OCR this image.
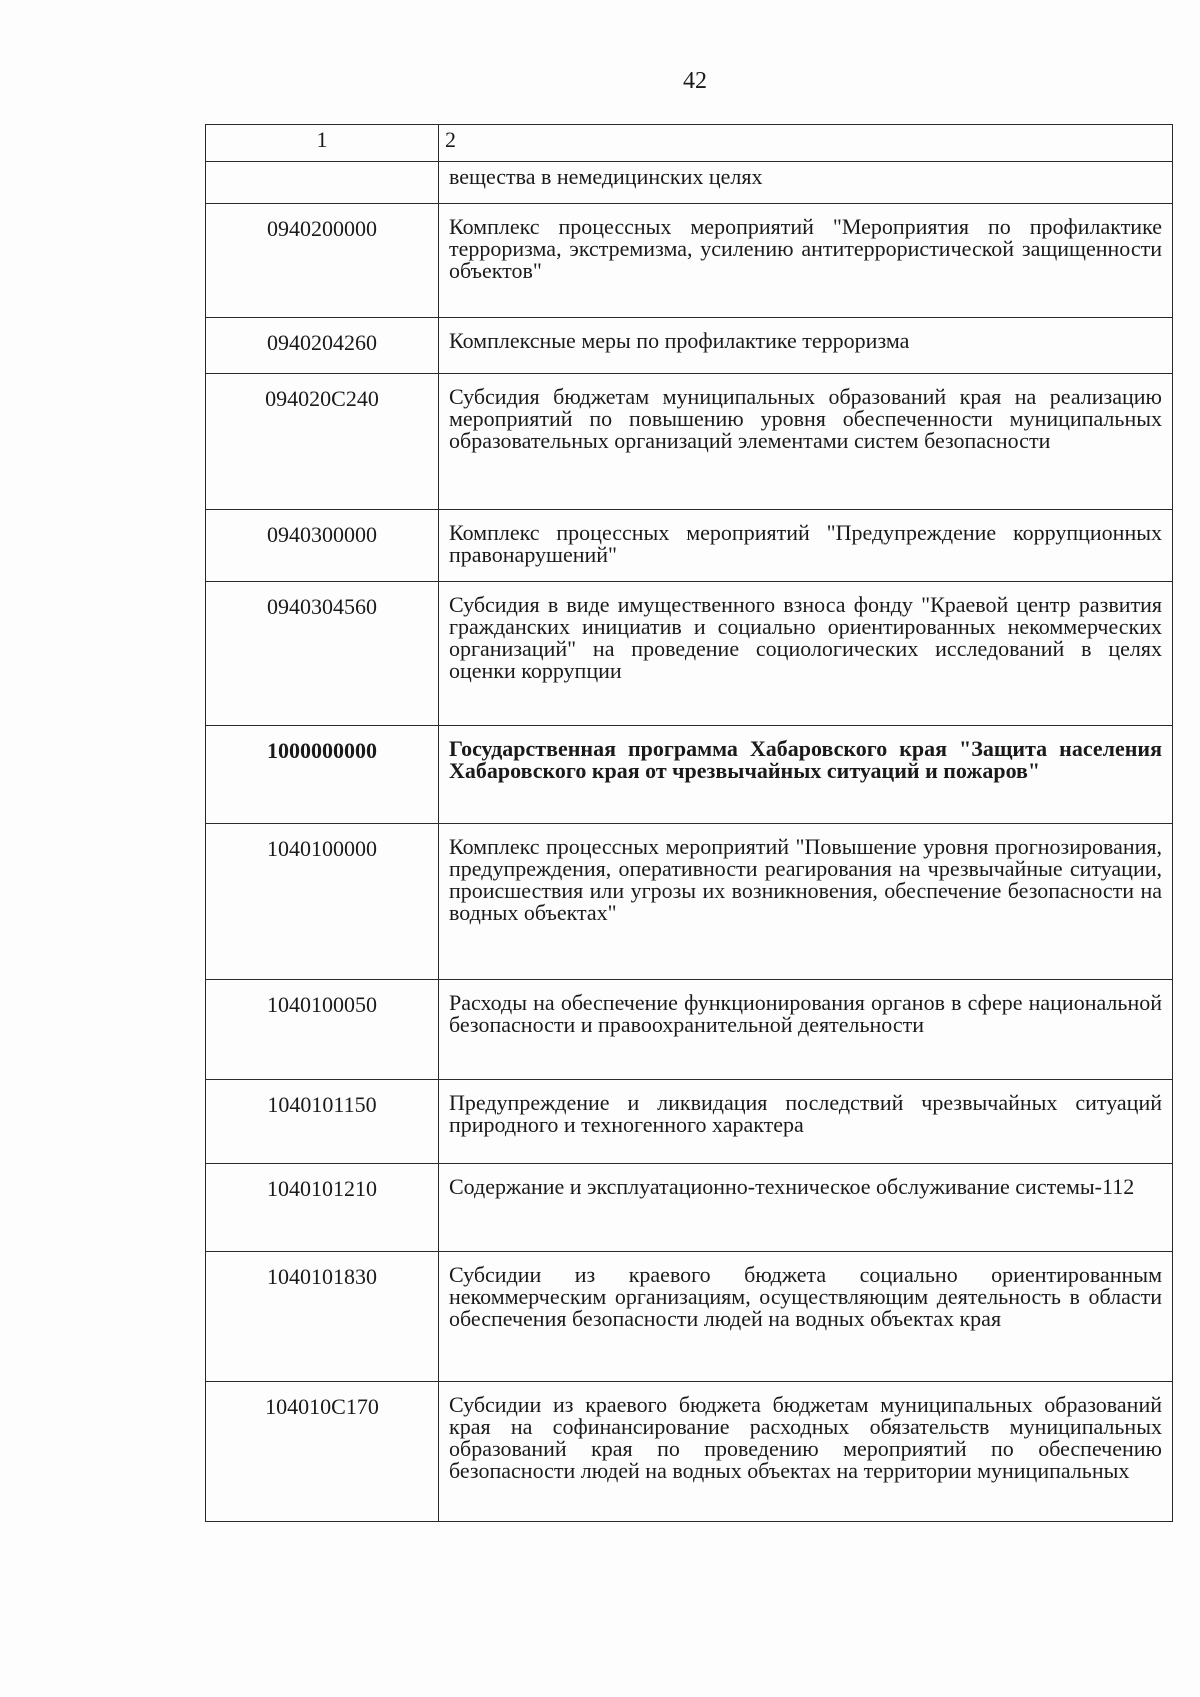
42
1	2
	вещества в немедицинских целях
0940200000	Комплекс процессных мероприятий "Мероприятия по профилактике терроризма, экстремизма, усилению антитеррористической защищенности объектов"
0940204260	Комплексные меры по профилактике терроризма
094020С240	Субсидия бюджетам муниципальных образований края на реализацию мероприятий по повышению уровня обеспеченности муниципальных образовательных организаций элементами систем безопасности
0940300000	Комплекс процессных мероприятий "Предупреждение коррупционных правонарушений"
0940304560	Субсидия в виде имущественного взноса фонду "Краевой центр развития гражданских инициатив и социально ориентированных некоммерческих организаций" на проведение социологических исследований в целях оценки коррупции
1000000000	Государственная программа Хабаровского края "Защита населения Хабаровского края от чрезвычайных ситуаций и пожаров"
1040100000	Комплекс процессных мероприятий "Повышение уровня прогнозирования, предупреждения, оперативности реагирования на чрезвычайные ситуации, происшествия или угрозы их возникновения, обеспечение безопасности на водных объектах"
1040100050	Расходы на обеспечение функционирования органов в сфере национальной безопасности и правоохранительной деятельности
1040101150	Предупреждение и ликвидация последствий чрезвычайных ситуаций природного и техногенного характера
1040101210	Содержание и эксплуатационно-техническое обслуживание системы-112
1040101830	Субсидии из краевого бюджета социально ориентированным некоммерческим организациям, осуществляющим деятельность в области обеспечения безопасности людей на водных объектах края
104010С170	Субсидии из краевого бюджета бюджетам муниципальных образований края на софинансирование расходных обязательств муниципальных образований края по проведению мероприятий по обеспечению безопасности людей на водных объектах на территории муниципальных
